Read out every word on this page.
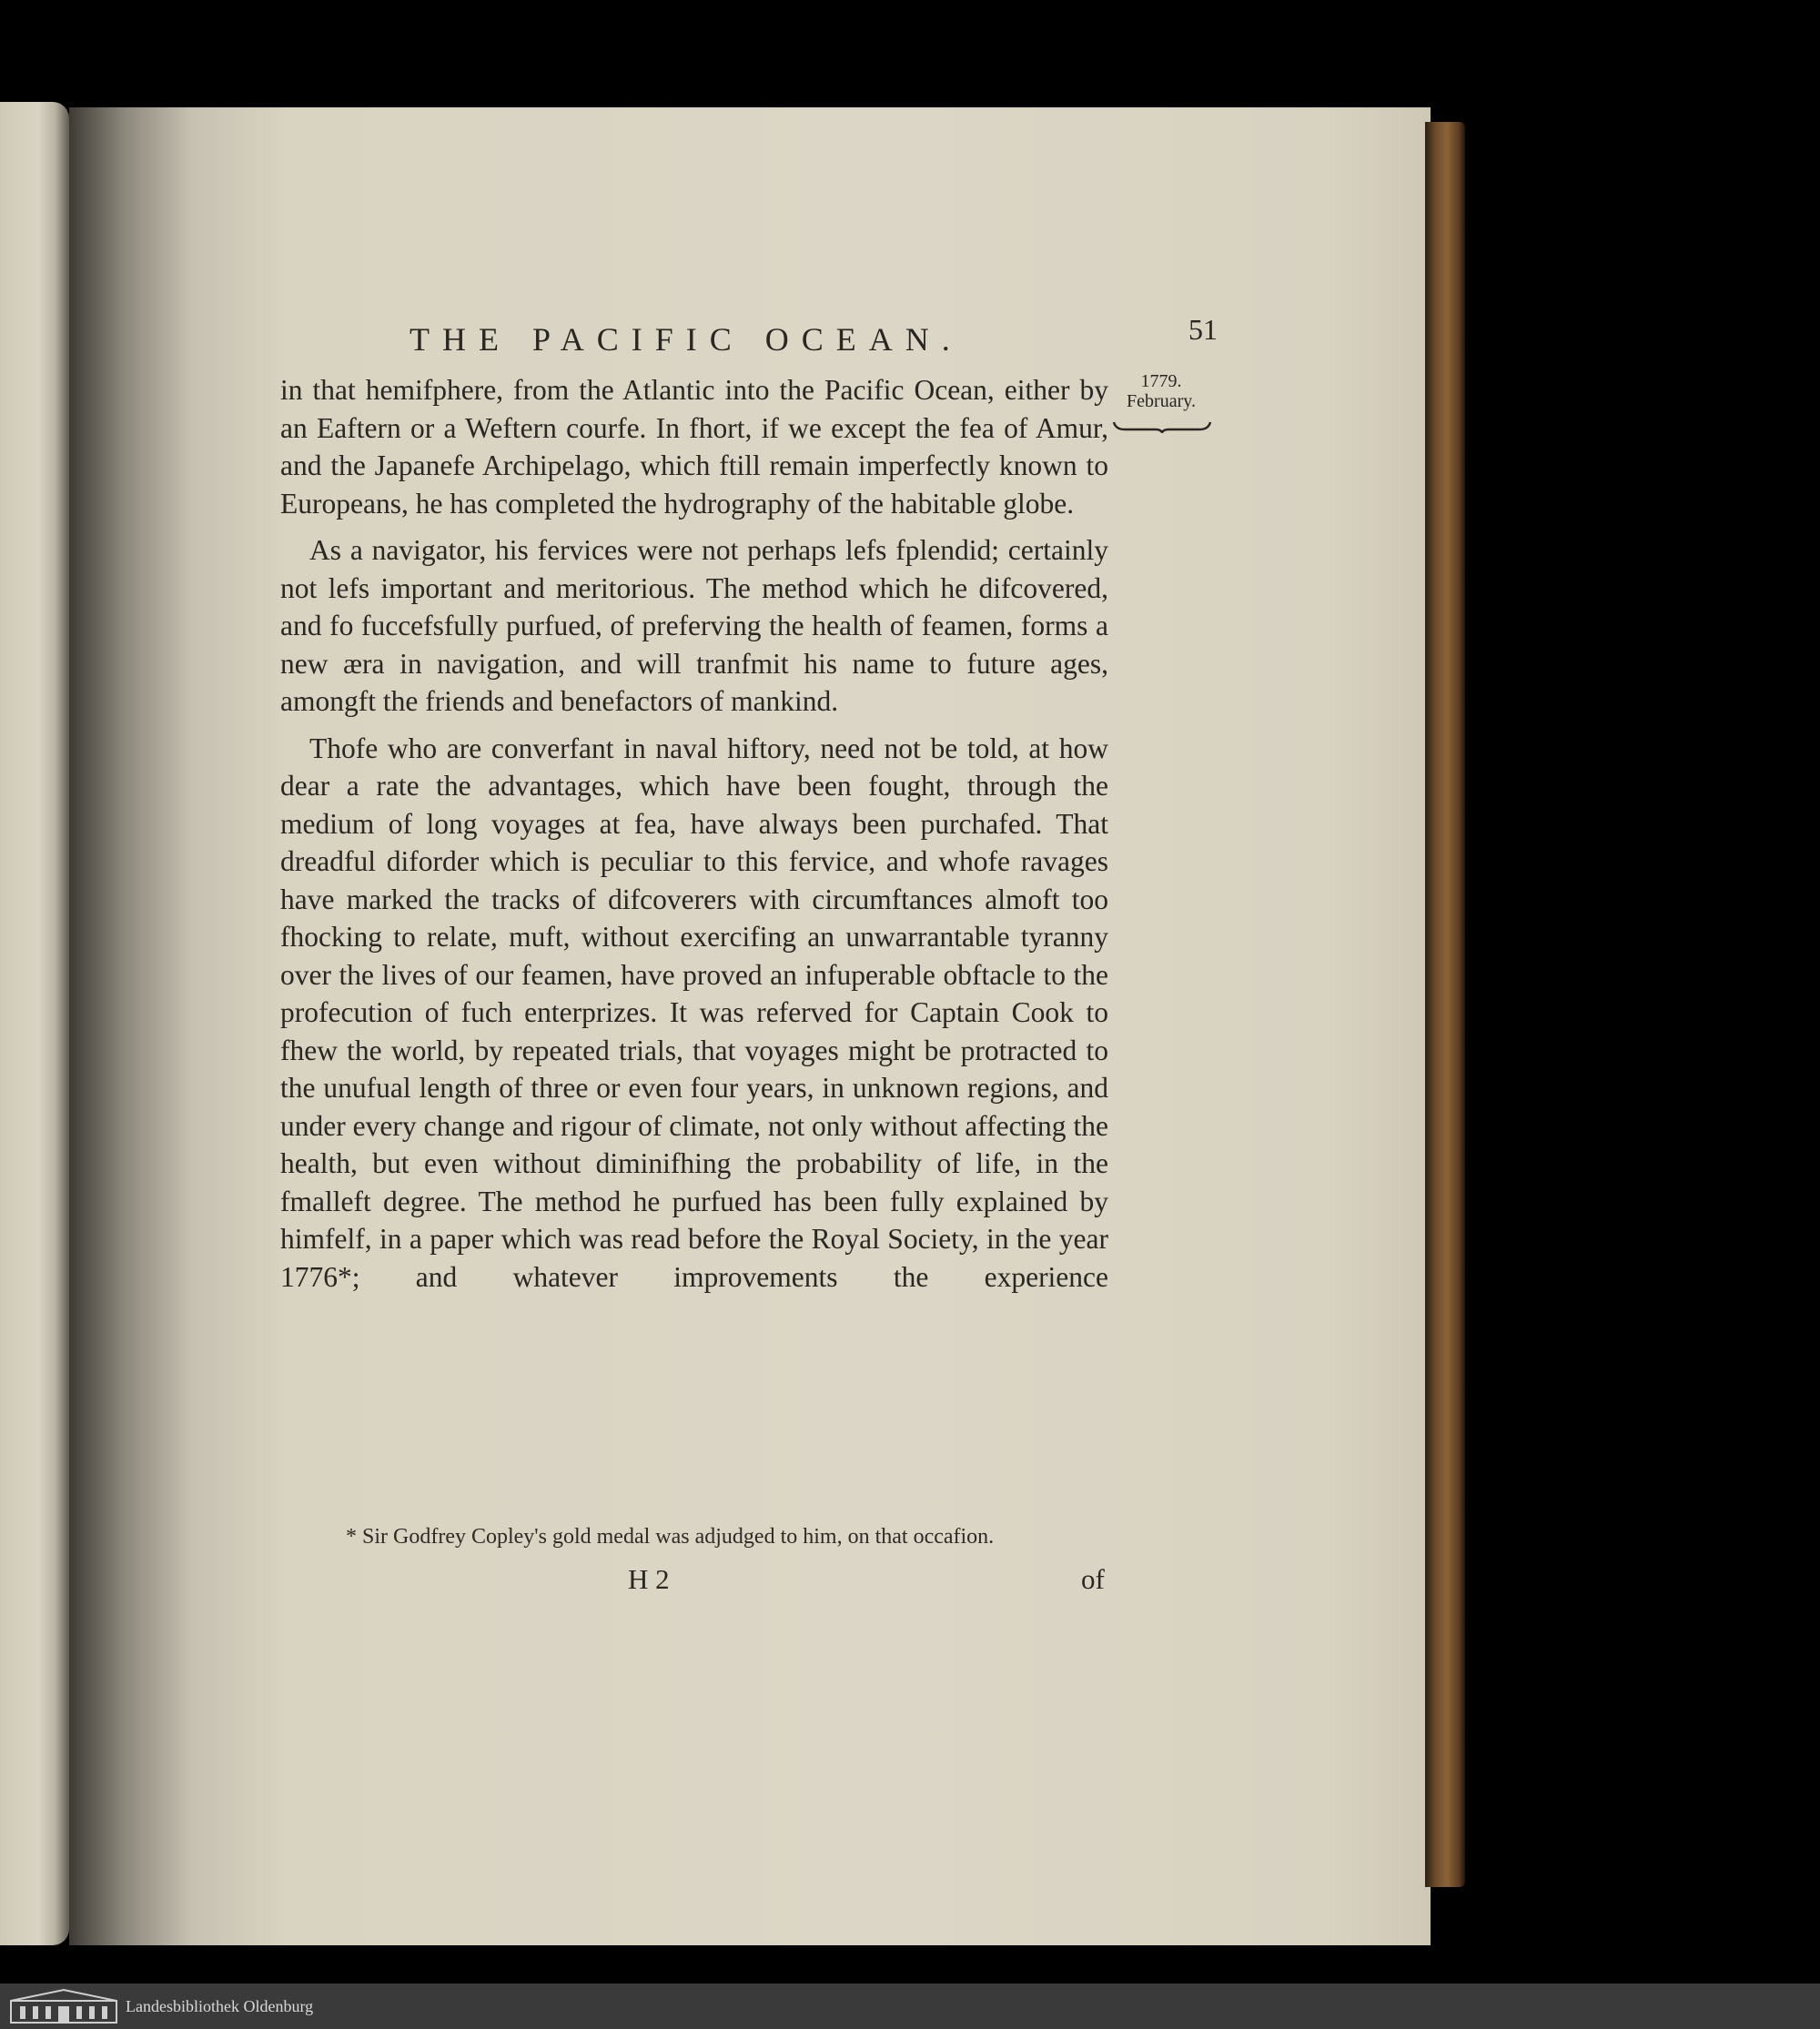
THE PACIFIC OCEAN.	51
1779.
February.

in that hemifphere, from the Atlantic into the Pacific Ocean, either by an Eaftern or a Weftern courfe. In fhort, if we except the fea of Amur, and the Japanefe Archipelago, which ftill remain imperfectly known to Europeans, he has completed the hydrography of the habitable globe.

As a navigator, his fervices were not perhaps lefs fplendid; certainly not lefs important and meritorious. The method which he difcovered, and fo fuccefsfully purfued, of preferving the health of feamen, forms a new æra in navigation, and will tranfmit his name to future ages, amongft the friends and benefactors of mankind.

Thofe who are converfant in naval hiftory, need not be told, at how dear a rate the advantages, which have been fought, through the medium of long voyages at fea, have always been purchafed. That dreadful diforder which is peculiar to this fervice, and whofe ravages have marked the tracks of difcoverers with circumftances almoft too fhocking to relate, muft, without exercifing an unwarrantable tyranny over the lives of our feamen, have proved an infuperable obftacle to the profecution of fuch enterprizes. It was referved for Captain Cook to fhew the world, by repeated trials, that voyages might be protracted to the unufual length of three or even four years, in unknown regions, and under every change and rigour of climate, not only without affecting the health, but even without diminifhing the probability of life, in the fmalleft degree. The method he purfued has been fully explained by himfelf, in a paper which was read before the Royal Society, in the year 1776*; and whatever improvements the experience

* Sir Godfrey Copley's gold medal was adjudged to him, on that occafion.
H 2	of
Landesbibliothek Oldenburg
